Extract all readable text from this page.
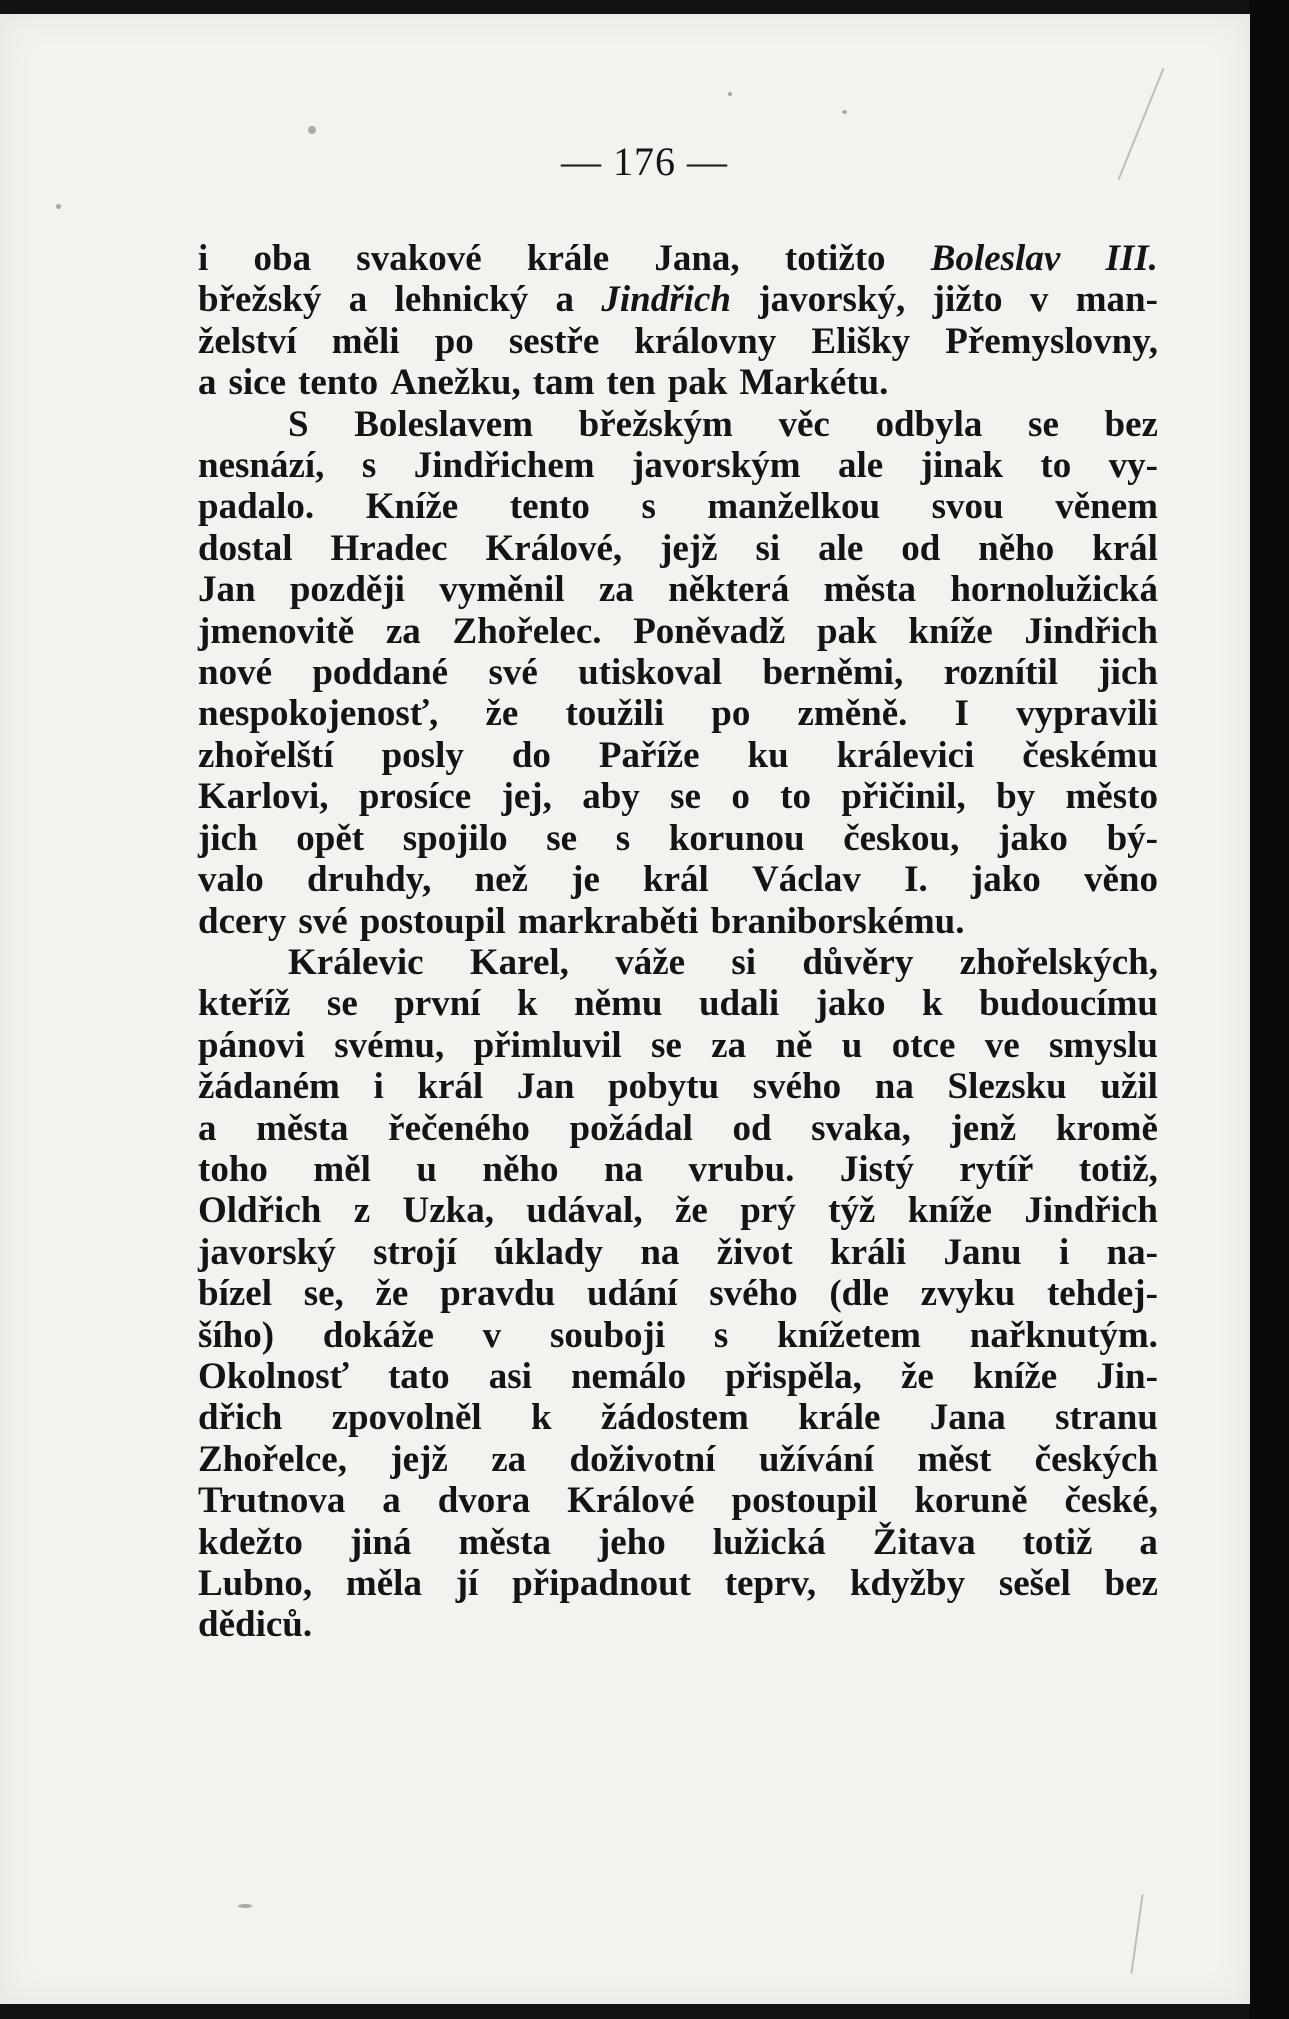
— 176 —
i oba svakové krále Jana, totižto Boleslav III.
břežský a lehnický a Jindřich javorský, jižto v man-
želství měli po sestře královny Elišky Přemyslovny,
a sice tento Anežku, tam ten pak Markétu.
S Boleslavem břežským věc odbyla se bez
nesnází, s Jindřichem javorským ale jinak to vy-
padalo. Kníže tento s manželkou svou věnem
dostal Hradec Králové, jejž si ale od něho král
Jan později vyměnil za některá města hornolužická
jmenovitě za Zhořelec. Poněvadž pak kníže Jindřich
nové poddané své utiskoval berněmi, roznítil jich
nespokojenosť, že toužili po změně. I vypravili
zhořelští posly do Paříže ku králevici českému
Karlovi, prosíce jej, aby se o to přičinil, by město
jich opět spojilo se s korunou českou, jako bý-
valo druhdy, než je král Václav I. jako věno
dcery své postoupil markraběti braniborskému.
Králevic Karel, váže si důvěry zhořelských,
kteříž se první k němu udali jako k budoucímu
pánovi svému, přimluvil se za ně u otce ve smyslu
žádaném i král Jan pobytu svého na Slezsku užil
a města řečeného požádal od svaka, jenž kromě
toho měl u něho na vrubu. Jistý rytíř totiž,
Oldřich z Uzka, udával, že prý týž kníže Jindřich
javorský strojí úklady na život králi Janu i na-
bízel se, že pravdu udání svého (dle zvyku tehdej-
šího) dokáže v souboji s knížetem nařknutým.
Okolnosť tato asi nemálo přispěla, že kníže Jin-
dřich zpovolněl k žádostem krále Jana stranu
Zhořelce, jejž za doživotní užívání měst českých
Trutnova a dvora Králové postoupil koruně české,
kdežto jiná města jeho lužická Žitava totiž a
Lubno, měla jí připadnout teprv, kdyžby sešel bez
dědiců.
